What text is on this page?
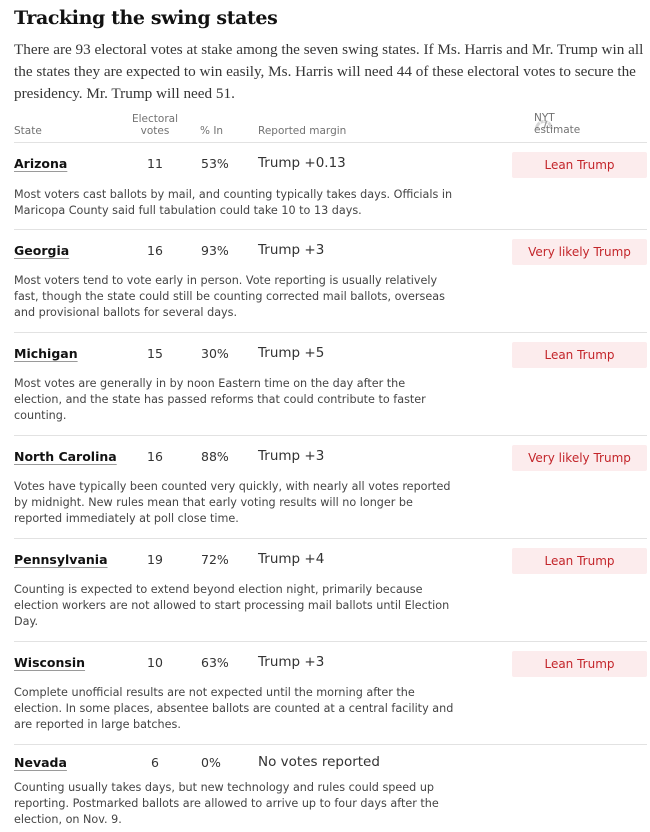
Tracking the swing states
There are 93 electoral votes at stake among the seven swing states. If Ms. Harris and Mr. Trump win all the states they are expected to win easily, Ms. Harris will need 44 of these electoral votes to secure the presidency. Mr. Trump will need 51.
State
Electoral votes	% In	Reported margin
NYT estimate
Arizona	11	53% Trump +0.13	Lean Trump
Most voters cast ballots by mail, and counting typically takes days. Officials in Maricopa County said full tabulation could take 10 to 13 days.
Georgia	16	93% Trump +3	Very likely Trump
Most voters tend to vote early in person. Vote reporting is usually relatively fast, though the state could still be counting corrected mail ballots, overseas and provisional ballots for several days.
Michigan	15	30% Trump +5	Lean Trump
Most votes are generally in by noon Eastern time on the day after the election, and the state has passed reforms that could contribute to faster counting.
North Carolina	16	88% Trump +3	Very likely Trump
Votes have typically been counted very quickly, with nearly all votes reported by midnight. New rules mean that early voting results will no longer be reported immediately at poll close time.
Pennsylvania	19	72% Trump +4	Lean Trump
Counting is expected to extend beyond election night, primarily because election workers are not allowed to start processing mail ballots until Election Day.
Wisconsin	10	63% Trump +3	Lean Trump
Complete unofficial results are not expected until the morning after the election. In some places, absentee ballots are counted at a central facility and are reported in large batches.
Nevada	6	0%	No votes reported
Counting usually takes days, but new technology and rules could speed up reporting. Postmarked ballots are allowed to arrive up to four days after the election, on Nov. 9.
